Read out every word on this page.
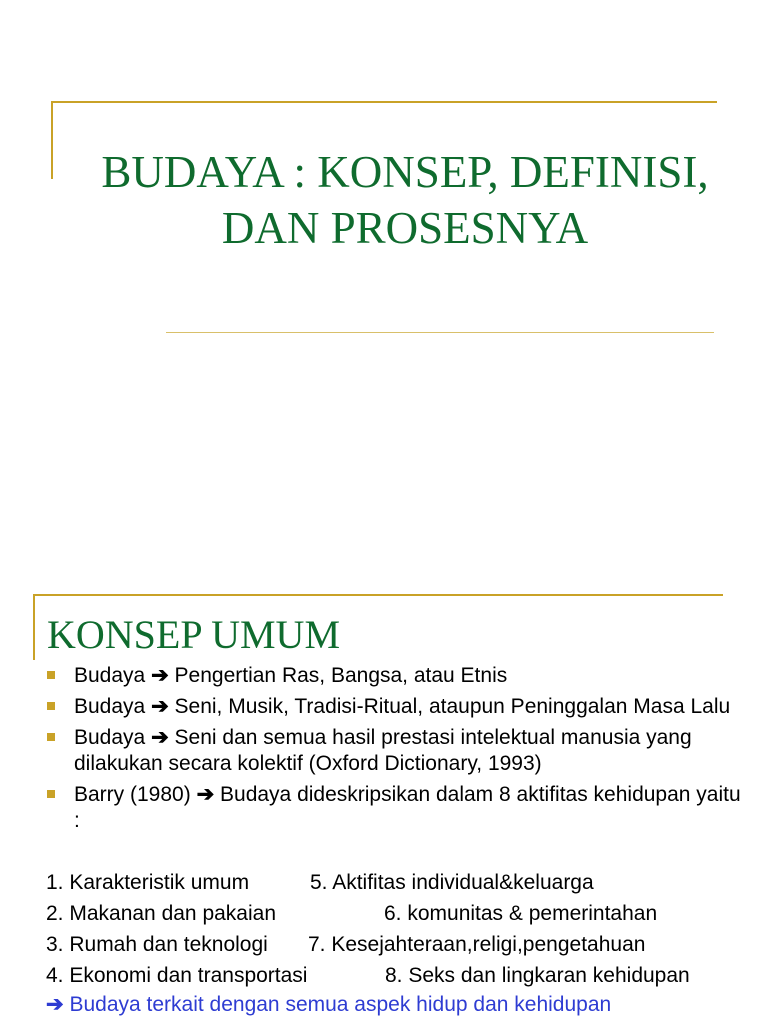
BUDAYA : KONSEP, DEFINISI,
DAN PROSESNYA
KONSEP UMUM
Budaya ➔ Pengertian Ras, Bangsa, atau Etnis
Budaya ➔ Seni, Musik, Tradisi-Ritual, ataupun Peninggalan Masa Lalu
Budaya ➔ Seni dan semua hasil prestasi intelektual manusia yang dilakukan secara kolektif (Oxford Dictionary, 1993)
Barry (1980) ➔ Budaya dideskripsikan dalam 8 aktifitas kehidupan yaitu :
1. Karakteristik umum	5. Aktifitas individual&keluarga
2. Makanan dan pakaian	6. komunitas & pemerintahan
3. Rumah dan teknologi 7. Kesejahteraan,religi,pengetahuan
4. Ekonomi dan transportasi	8. Seks dan lingkaran kehidupan
➔ Budaya terkait dengan semua aspek hidup dan kehidupan
